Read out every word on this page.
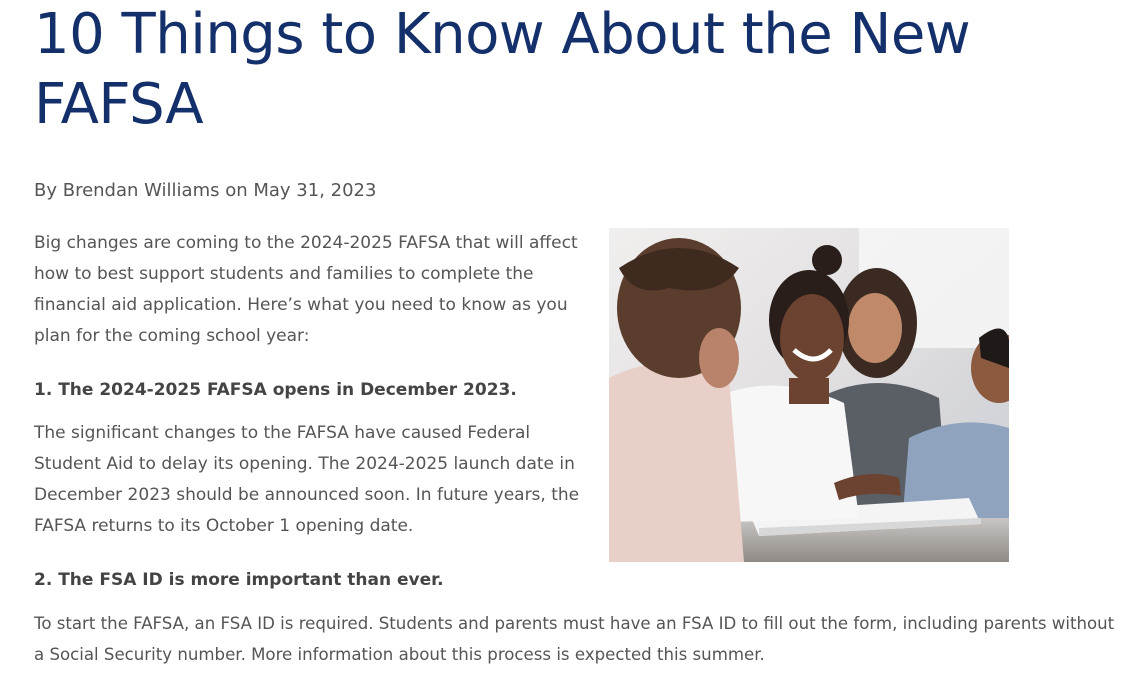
10 Things to Know About the New FAFSA
By Brendan Williams on May 31, 2023

Big changes are coming to the 2024-2025 FAFSA that will affect how to best support students and families to complete the financial aid application. Here’s what you need to know as you plan for the coming school year:

1. The 2024-2025 FAFSA opens in December 2023.

The significant changes to the FAFSA have caused Federal Student Aid to delay its opening. The 2024-2025 launch date in December 2023 should be announced soon. In future years, the FAFSA returns to its October 1 opening date.

2. The FSA ID is more important than ever.

To start the FAFSA, an FSA ID is required. Students and parents must have an FSA ID to fill out the form, including parents without a Social Security number. More information about this process is expected this summer.
